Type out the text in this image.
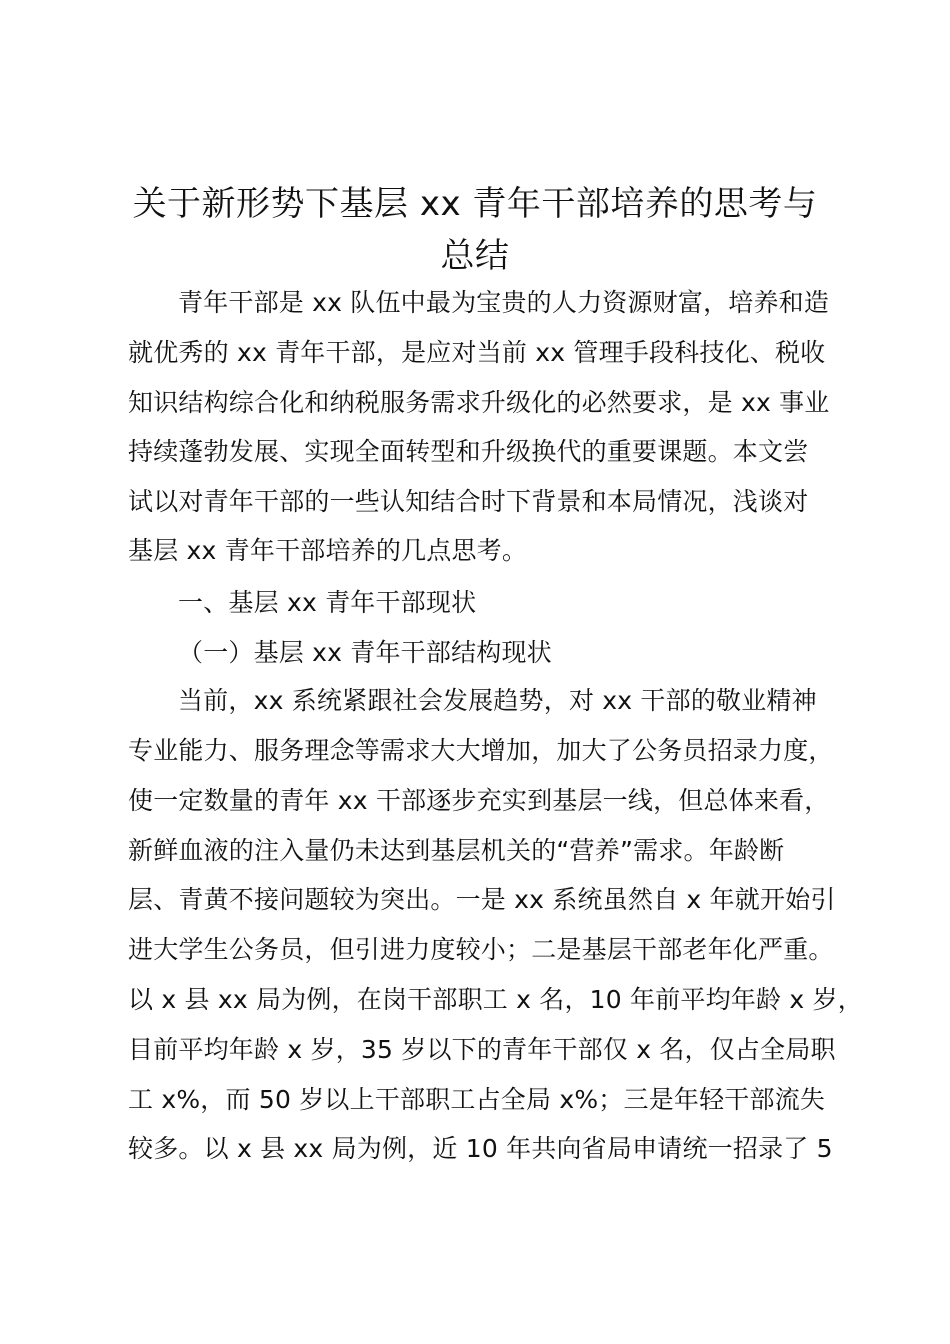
关于新形势下基层 xx 青年干部培养的思考与
总结
青年干部是 xx 队伍中最为宝贵的人力资源财富，培养和造
就优秀的 xx 青年干部，是应对当前 xx 管理手段科技化、税收
知识结构综合化和纳税服务需求升级化的必然要求，是 xx 事业
持续蓬勃发展、实现全面转型和升级换代的重要课题。本文尝
试以对青年干部的一些认知结合时下背景和本局情况，浅谈对
基层 xx 青年干部培养的几点思考。
一、基层 xx 青年干部现状
（一）基层 xx 青年干部结构现状
当前，xx 系统紧跟社会发展趋势，对 xx 干部的敬业精神
专业能力、服务理念等需求大大增加，加大了公务员招录力度，
使一定数量的青年 xx 干部逐步充实到基层一线，但总体来看，
新鲜血液的注入量仍未达到基层机关的“营养”需求。年龄断
层、青黄不接问题较为突出。一是 xx 系统虽然自 x 年就开始引
进大学生公务员，但引进力度较小；二是基层干部老年化严重。
以 x 县 xx 局为例，在岗干部职工 x 名，10 年前平均年龄 x 岁，
目前平均年龄 x 岁，35 岁以下的青年干部仅 x 名，仅占全局职
工 x%，而 50 岁以上干部职工占全局 x%；三是年轻干部流失
较多。以 x 县 xx 局为例，近 10 年共向省局申请统一招录了 5
